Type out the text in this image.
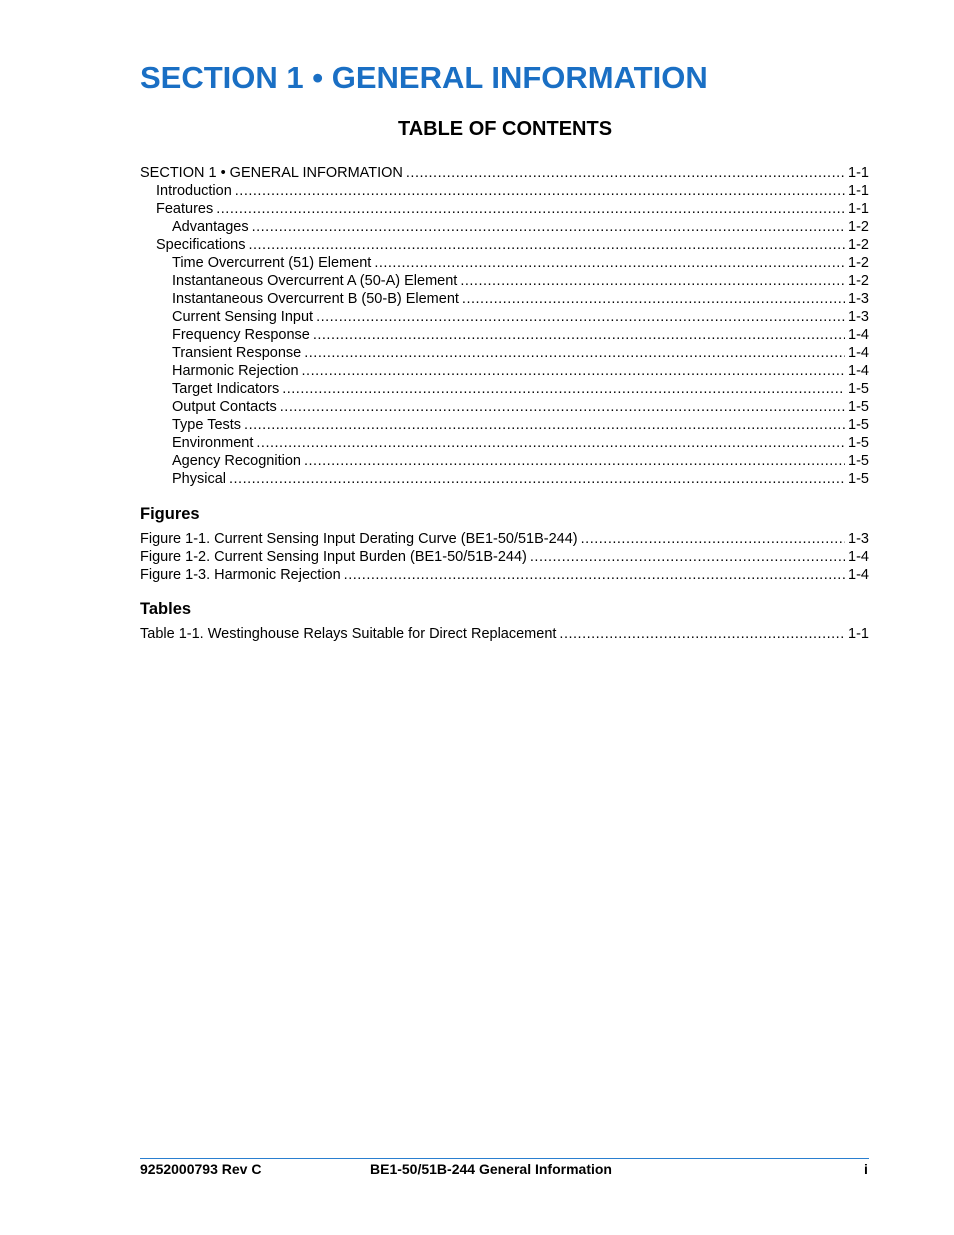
SECTION 1 • GENERAL INFORMATION
TABLE OF CONTENTS
SECTION 1 • GENERAL INFORMATION .....	1-1
Introduction .....	1-1
Features .....	1-1
Advantages .....	1-2
Specifications .....	1-2
Time Overcurrent (51) Element .....	1-2
Instantaneous Overcurrent A (50-A) Element .....	1-2
Instantaneous Overcurrent B (50-B) Element .....	1-3
Current Sensing Input .....	1-3
Frequency Response .....	1-4
Transient Response .....	1-4
Harmonic Rejection .....	1-4
Target Indicators .....	1-5
Output Contacts .....	1-5
Type Tests .....	1-5
Environment .....	1-5
Agency Recognition .....	1-5
Physical .....	1-5
Figures
Figure 1-1. Current Sensing Input Derating Curve (BE1-50/51B-244) .....	1-3
Figure 1-2. Current Sensing Input Burden (BE1-50/51B-244) .....	1-4
Figure 1-3. Harmonic Rejection .....	1-4
Tables
Table 1-1. Westinghouse Relays Suitable for Direct Replacement .....	1-1
9252000793 Rev C	BE1-50/51B-244 General Information	i
